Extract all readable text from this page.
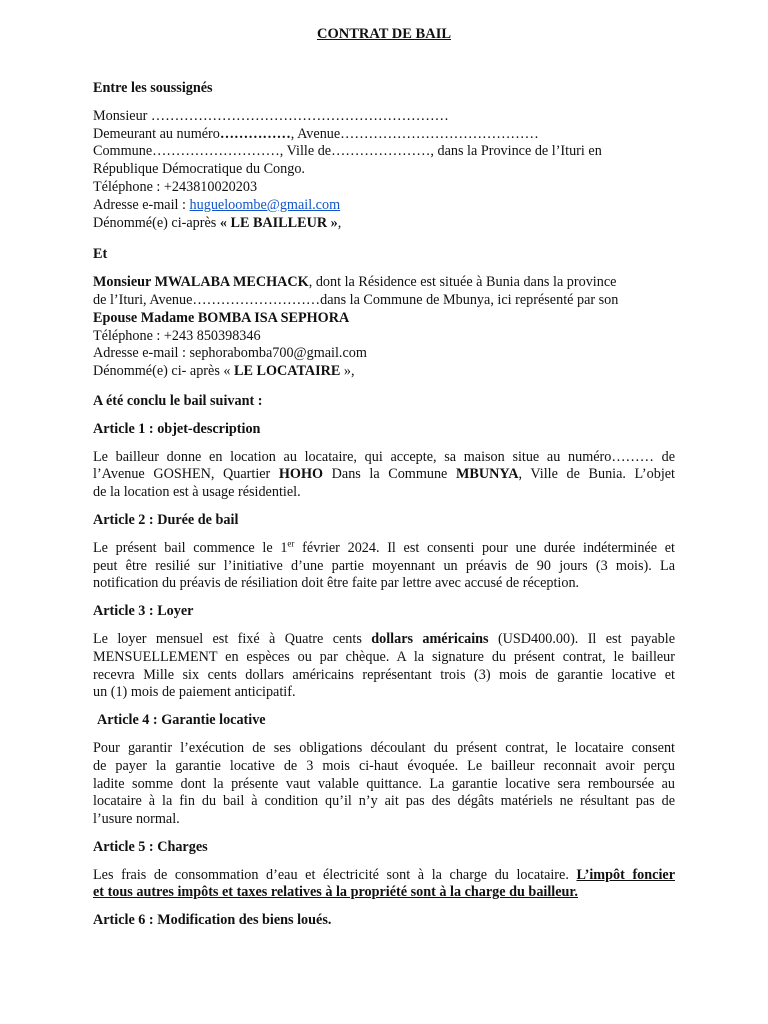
CONTRAT DE BAIL
Entre les soussignés
Monsieur ………………………………………………………
Demeurant au numéro……………, Avenue……………………………………
Commune………………………, Ville de…………………, dans la Province de l’Ituri en
République Démocratique du Congo.
Téléphone : +243810020203
Adresse e-mail : hugueloombe@gmail.com
Dénommé(e) ci-après « LE BAILLEUR »,
Et
Monsieur MWALABA MECHACK, dont la Résidence est située à Bunia dans la province
de l’Ituri, Avenue………………………dans la Commune de Mbunya, ici représenté par son
Epouse Madame BOMBA ISA SEPHORA
Téléphone : +243 850398346
Adresse e-mail : sephorabomba700@gmail.com
Dénommé(e) ci- après « LE LOCATAIRE »,
A été conclu le bail suivant :
Article 1 : objet-description
Le bailleur donne en location au locataire, qui accepte, sa maison situe au numéro……… de
l’Avenue GOSHEN, Quartier HOHO Dans la Commune MBUNYA, Ville de Bunia. L’objet
de la location est à usage résidentiel.
Article 2 : Durée de bail
Le présent bail commence le 1er février 2024. Il est consenti pour une durée indéterminée et
peut être resilié sur l’initiative d’une partie moyennant un préavis de 90 jours (3 mois). La
notification du préavis de résiliation doit être faite par lettre avec accusé de réception.
Article 3 : Loyer
Le loyer mensuel est fixé à Quatre cents dollars américains (USD400.00). Il est payable
MENSUELLEMENT en espèces ou par chèque. A la signature du présent contrat, le bailleur
recevra Mille six cents dollars américains représentant trois (3) mois de garantie locative et
un (1) mois de paiement anticipatif.
Article 4 : Garantie locative
Pour garantir l’exécution de ses obligations découlant du présent contrat, le locataire consent
de payer la garantie locative de 3 mois ci-haut évoquée. Le bailleur reconnait avoir perçu
ladite somme dont la présente vaut valable quittance. La garantie locative sera remboursée au
locataire à la fin du bail à condition qu’il n’y ait pas des dégâts matériels ne résultant pas de
l’usure normal.
Article 5 : Charges
Les frais de consommation d’eau et électricité sont à la charge du locataire. L’impôt foncier
et tous autres impôts et taxes relatives à la propriété sont à la charge du bailleur.
Article 6 : Modification des biens loués.
